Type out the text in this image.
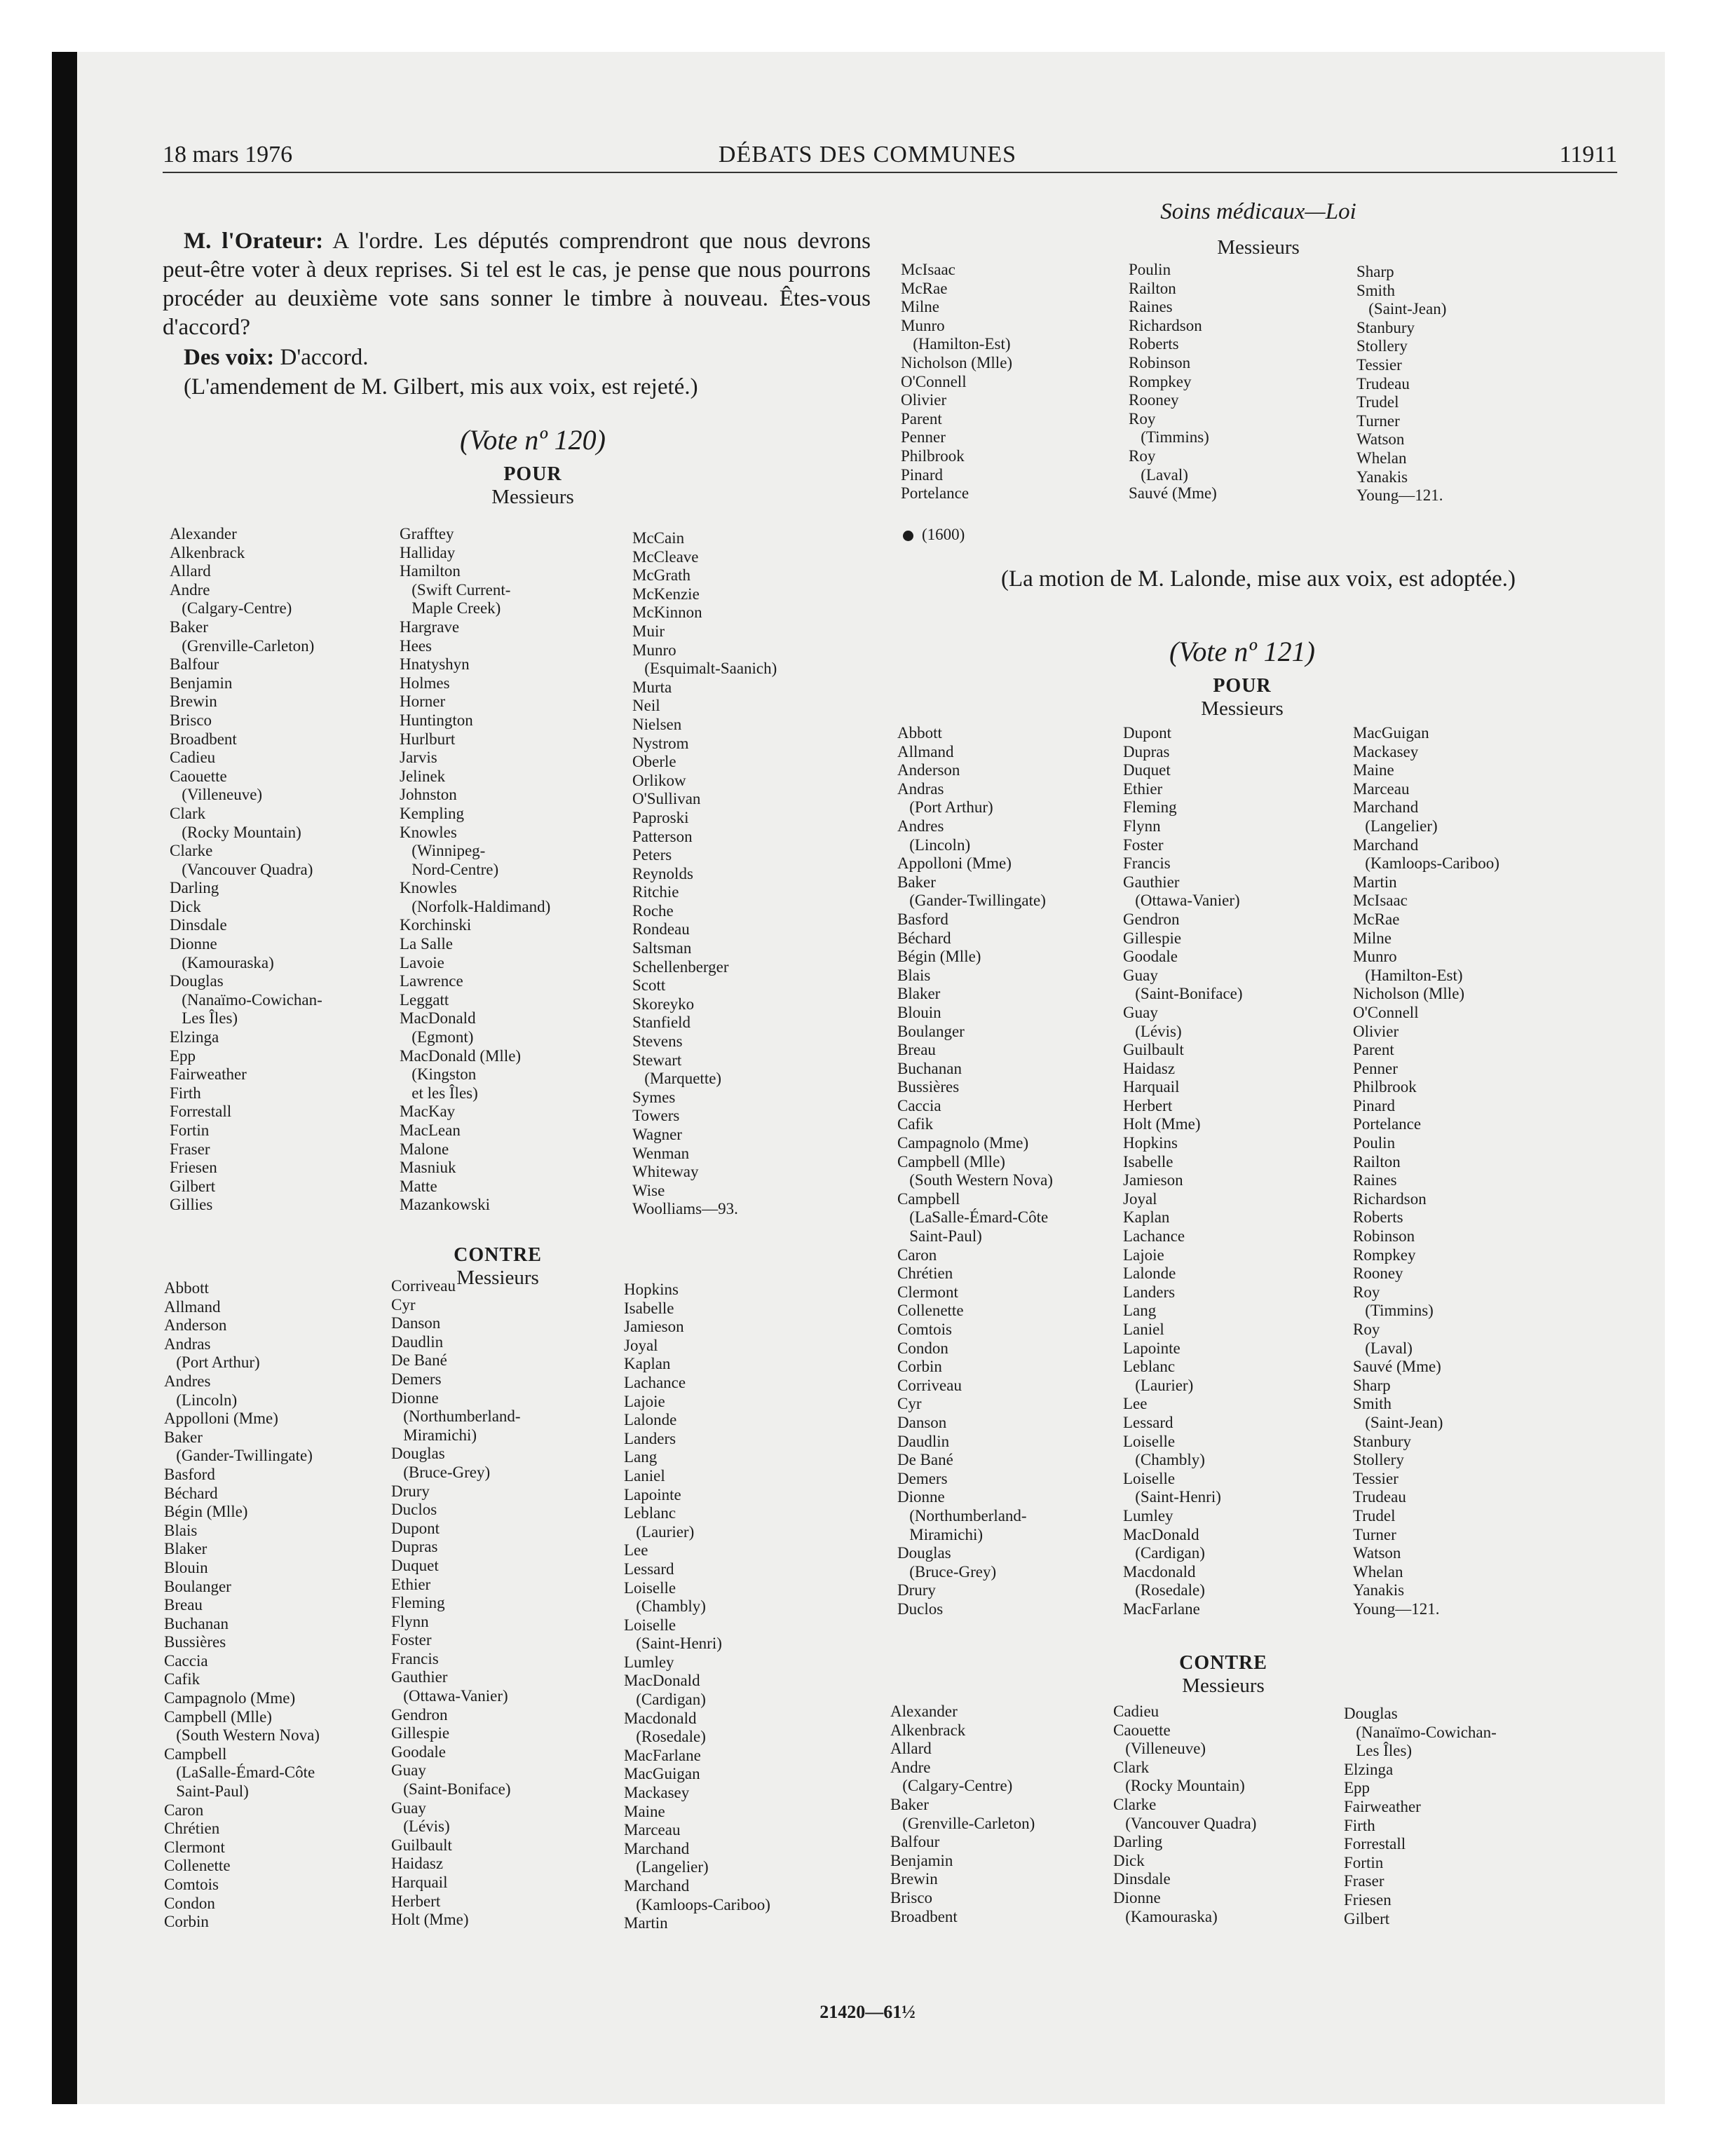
18 mars 1976	DÉBATS DES COMMUNES	11911
M. l'Orateur: A l'ordre. Les députés comprendront que nous devrons peut-être voter à deux reprises. Si tel est le cas, je pense que nous pourrons procéder au deuxième vote sans sonner le timbre à nouveau. Êtes-vous d'accord?
Des voix: D'accord.
(L'amendement de M. Gilbert, mis aux voix, est rejeté.)
(Vote nº 120)
POUR
Messieurs
Alexander
Alkenbrack
Allard
Andre
(Calgary-Centre)
Baker
(Grenville-Carleton)
Balfour
Benjamin
Brewin
Brisco
Broadbent
Cadieu
Caouette
(Villeneuve)
Clark
(Rocky Mountain)
Clarke
(Vancouver Quadra)
Darling
Dick
Dinsdale
Dionne
(Kamouraska)
Douglas
(Nanaïmo-Cowichan-
Les Îles)
Elzinga
Epp
Fairweather
Firth
Forrestall
Fortin
Fraser
Friesen
Gilbert
Gillies
Grafftey
Halliday
Hamilton
(Swift Current-
Maple Creek)
Hargrave
Hees
Hnatyshyn
Holmes
Horner
Huntington
Hurlburt
Jarvis
Jelinek
Johnston
Kempling
Knowles
(Winnipeg-
Nord-Centre)
Knowles
(Norfolk-Haldimand)
Korchinski
La Salle
Lavoie
Lawrence
Leggatt
MacDonald
(Egmont)
MacDonald (Mlle)
(Kingston
et les Îles)
MacKay
MacLean
Malone
Masniuk
Matte
Mazankowski
McCain
McCleave
McGrath
McKenzie
McKinnon
Muir
Munro
(Esquimalt-Saanich)
Murta
Neil
Nielsen
Nystrom
Oberle
Orlikow
O'Sullivan
Paproski
Patterson
Peters
Reynolds
Ritchie
Roche
Rondeau
Saltsman
Schellenberger
Scott
Skoreyko
Stanfield
Stevens
Stewart
(Marquette)
Symes
Towers
Wagner
Wenman
Whiteway
Wise
Woolliams—93.
CONTRE
Messieurs
Abbott
Allmand
Anderson
Andras
(Port Arthur)
Andres
(Lincoln)
Appolloni (Mme)
Baker
(Gander-Twillingate)
Basford
Béchard
Bégin (Mlle)
Blais
Blaker
Blouin
Boulanger
Breau
Buchanan
Bussières
Caccia
Cafik
Campagnolo (Mme)
Campbell (Mlle)
(South Western Nova)
Campbell
(LaSalle-Émard-Côte
Saint-Paul)
Caron
Chrétien
Clermont
Collenette
Comtois
Condon
Corbin
Corriveau
Cyr
Danson
Daudlin
De Bané
Demers
Dionne
(Northumberland-
Miramichi)
Douglas
(Bruce-Grey)
Drury
Duclos
Dupont
Dupras
Duquet
Ethier
Fleming
Flynn
Foster
Francis
Gauthier
(Ottawa-Vanier)
Gendron
Gillespie
Goodale
Guay
(Saint-Boniface)
Guay
(Lévis)
Guilbault
Haidasz
Harquail
Herbert
Holt (Mme)
Hopkins
Isabelle
Jamieson
Joyal
Kaplan
Lachance
Lajoie
Lalonde
Landers
Lang
Laniel
Lapointe
Leblanc
(Laurier)
Lee
Lessard
Loiselle
(Chambly)
Loiselle
(Saint-Henri)
Lumley
MacDonald
(Cardigan)
Macdonald
(Rosedale)
MacFarlane
MacGuigan
Mackasey
Maine
Marceau
Marchand
(Langelier)
Marchand
(Kamloops-Cariboo)
Martin
Soins médicaux—Loi
Messieurs
McIsaac
McRae
Milne
Munro
(Hamilton-Est)
Nicholson (Mlle)
O'Connell
Olivier
Parent
Penner
Philbrook
Pinard
Portelance
Poulin
Railton
Raines
Richardson
Roberts
Robinson
Rompkey
Rooney
Roy
(Timmins)
Roy
(Laval)
Sauvé (Mme)
Sharp
Smith
(Saint-Jean)
Stanbury
Stollery
Tessier
Trudeau
Trudel
Turner
Watson
Whelan
Yanakis
Young—121.
(1600)
(La motion de M. Lalonde, mise aux voix, est adoptée.)
(Vote nº 121)
POUR
Messieurs
Abbott
Allmand
Anderson
Andras
(Port Arthur)
Andres
(Lincoln)
Appolloni (Mme)
Baker
(Gander-Twillingate)
Basford
Béchard
Bégin (Mlle)
Blais
Blaker
Blouin
Boulanger
Breau
Buchanan
Bussières
Caccia
Cafik
Campagnolo (Mme)
Campbell (Mlle)
(South Western Nova)
Campbell
(LaSalle-Émard-Côte
Saint-Paul)
Caron
Chrétien
Clermont
Collenette
Comtois
Condon
Corbin
Corriveau
Cyr
Danson
Daudlin
De Bané
Demers
Dionne
(Northumberland-
Miramichi)
Douglas
(Bruce-Grey)
Drury
Duclos
Dupont
Dupras
Duquet
Ethier
Fleming
Flynn
Foster
Francis
Gauthier
(Ottawa-Vanier)
Gendron
Gillespie
Goodale
Guay
(Saint-Boniface)
Guay
(Lévis)
Guilbault
Haidasz
Harquail
Herbert
Holt (Mme)
Hopkins
Isabelle
Jamieson
Joyal
Kaplan
Lachance
Lajoie
Lalonde
Landers
Lang
Laniel
Lapointe
Leblanc
(Laurier)
Lee
Lessard
Loiselle
(Chambly)
Loiselle
(Saint-Henri)
Lumley
MacDonald
(Cardigan)
Macdonald
(Rosedale)
MacFarlane
MacGuigan
Mackasey
Maine
Marceau
Marchand
(Langelier)
Marchand
(Kamloops-Cariboo)
Martin
McIsaac
McRae
Milne
Munro
(Hamilton-Est)
Nicholson (Mlle)
O'Connell
Olivier
Parent
Penner
Philbrook
Pinard
Portelance
Poulin
Railton
Raines
Richardson
Roberts
Robinson
Rompkey
Rooney
Roy
(Timmins)
Roy
(Laval)
Sauvé (Mme)
Sharp
Smith
(Saint-Jean)
Stanbury
Stollery
Tessier
Trudeau
Trudel
Turner
Watson
Whelan
Yanakis
Young—121.
CONTRE
Messieurs
Alexander
Alkenbrack
Allard
Andre
(Calgary-Centre)
Baker
(Grenville-Carleton)
Balfour
Benjamin
Brewin
Brisco
Broadbent
Cadieu
Caouette
(Villeneuve)
Clark
(Rocky Mountain)
Clarke
(Vancouver Quadra)
Darling
Dick
Dinsdale
Dionne
(Kamouraska)
Douglas
(Nanaïmo-Cowichan-
Les Îles)
Elzinga
Epp
Fairweather
Firth
Forrestall
Fortin
Fraser
Friesen
Gilbert
21420—61½
